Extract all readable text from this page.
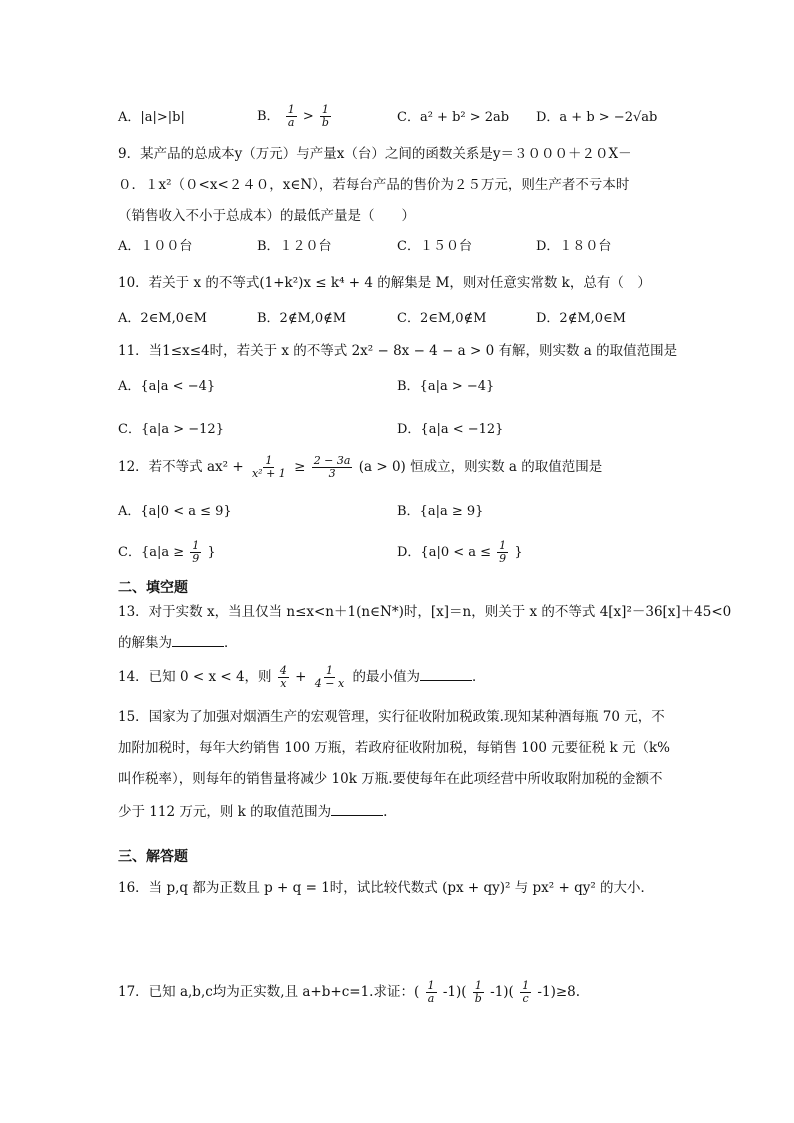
A．|a|>|b|	B． $\frac{1}{a} > \frac{1}{b}$	C．a² + b² > 2ab D．a + b > −2√ab
9．某产品的总成本y（万元）与产量x（台）之间的函数关系是y＝３０００＋２０X－
０．１x²（０<x<２４０，x∈N），若每台产品的售价为２５万元，则生产者不亏本时
（销售收入不小于总成本）的最低产量是（　　）
A．１００台	B．１２０台	C．１５０台	D．１８０台
10．若关于 x 的不等式(1+k²)x ≤ k⁴ + 4 的解集是 M，则对任意实常数 k，总有（　）
A．2∈M,0∈M	B．2∉M,0∉M	C．2∈M,0∉M	D．2∉M,0∈M
11．当1≤x≤4时，若关于 x 的不等式 2x² − 8x − 4 − a > 0 有解，则实数 a 的取值范围是
A．{a|a < −4}	B．{a|a > −4}
C．{a|a > −12}	D．{a|a < −12}
12．若不等式 $ax^2 + \frac{1}{\text{x² + 1}} \ge \frac{2 - 3a}{3} (a > 0)$ 恒成立，则实数 a 的取值范围是
A．{a|0 < a ≤ 9}	B．{a|a ≥ 9}
C．{$a|a \ge \frac{1}{9}$ }	D．{$a|0 < a \le \frac{1}{9}$ }
二、填空题
13．对于实数 x，当且仅当 n≤x<n＋1(n∈N*)时，[x]＝n，则关于 x 的不等式 4[x]²－36[x]＋45<0
的解集为	．
14．已知 0 < x < 4，则 $\frac{4}{x} + \frac{1}{4 - x}$ 的最小值为	．
15．国家为了加强对烟酒生产的宏观管理，实行征收附加税政策.现知某种酒每瓶 70 元，不
加附加税时，每年大约销售 100 万瓶，若政府征收附加税，每销售 100 元要征税 k 元（k%
叫作税率），则每年的销售量将减少 10k 万瓶.要使每年在此项经营中所收取附加税的金额不
少于 112 万元，则 k 的取值范围为	.
三、解答题
16．当 p,q 都为正数且 p + q = 1时，试比较代数式 (px + qy)² 与 px² + qy² 的大小．
17．已知 a,b,c均为正实数,且 a+b+c=1.求证：( $\frac{1}{a} -1)( \frac{1}{b} -1)( \frac{1}{c} -1)\ge 8$.
